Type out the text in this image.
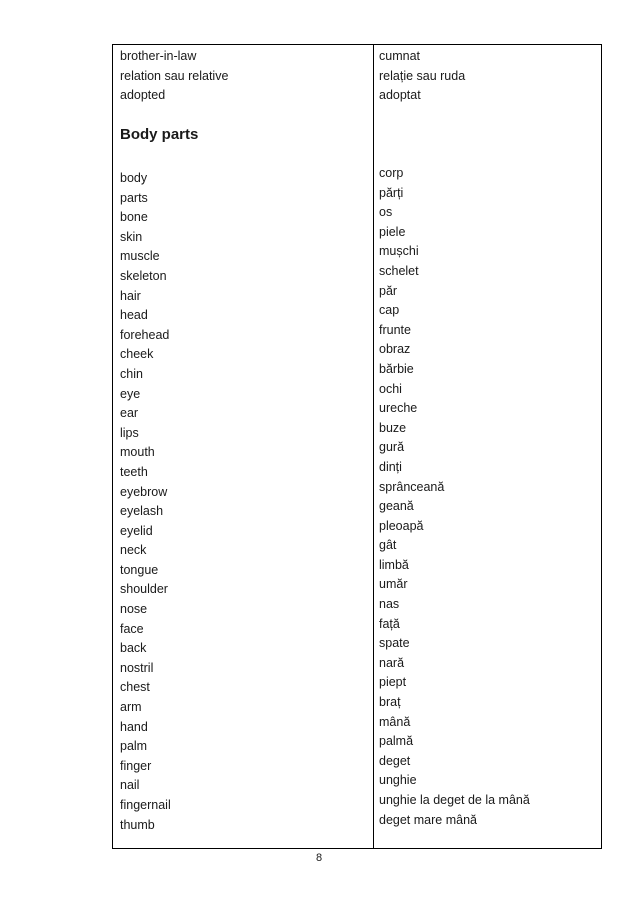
brother-in-law
relation sau relative
adopted
cumnat
relație sau ruda
adoptat
Body parts
body
parts
bone
skin
muscle
skeleton
hair
head
forehead
cheek
chin
eye
ear
lips
mouth
teeth
eyebrow
eyelash
eyelid
neck
tongue
shoulder
nose
face
back
nostril
chest
arm
hand
palm
finger
nail
fingernail
thumb
corp
părți
os
piele
mușchi
schelet
păr
cap
frunte
obraz
bărbie
ochi
ureche
buze
gură
dinți
sprânceană
geană
pleoapă
gât
limbă
umăr
nas
față
spate
nară
piept
braț
mână
palmă
deget
unghie
unghie la deget de la mână
deget mare mână
8
